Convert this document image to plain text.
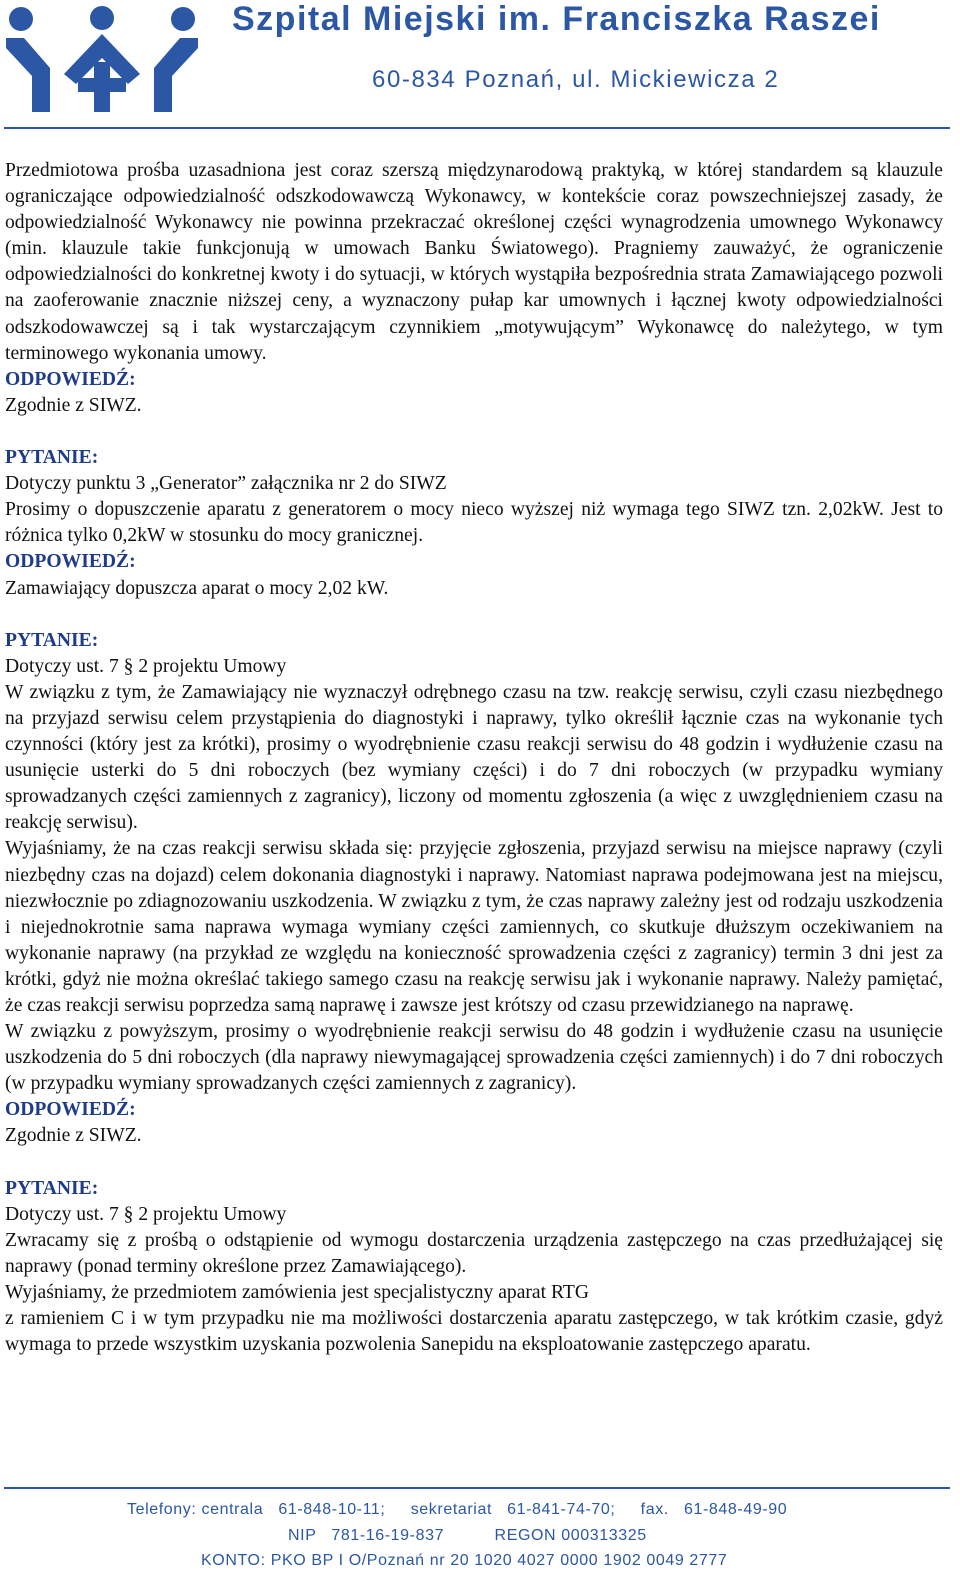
Szpital Miejski im. Franciszka Raszei
60-834 Poznań, ul. Mickiewicza 2

Przedmiotowa prośba uzasadniona jest coraz szerszą międzynarodową praktyką, w której standardem są klauzule ograniczające odpowiedzialność odszkodowawczą Wykonawcy, w kontekście coraz powszechniejszej zasady, że odpowiedzialność Wykonawcy nie powinna przekraczać określonej części wynagrodzenia umownego Wykonawcy (min. klauzule takie funkcjonują w umowach Banku Światowego). Pragniemy zauważyć, że ograniczenie odpowiedzialności do konkretnej kwoty i do sytuacji, w których wystąpiła bezpośrednia strata Zamawiającego pozwoli na zaoferowanie znacznie niższej ceny, a wyznaczony pułap kar umownych i łącznej kwoty odpowiedzialności odszkodowawczej są i tak wystarczającym czynnikiem „motywującym” Wykonawcę do należytego, w tym terminowego wykonania umowy.

ODPOWIEDŹ:

Zgodnie z SIWZ.

PYTANIE:

Dotyczy punktu 3 „Generator” załącznika nr 2 do SIWZ

Prosimy o dopuszczenie aparatu z generatorem o mocy nieco wyższej niż wymaga tego SIWZ tzn. 2,02kW. Jest to różnica tylko 0,2kW w stosunku do mocy granicznej.

ODPOWIEDŹ:

Zamawiający dopuszcza aparat o mocy 2,02 kW.

PYTANIE:

Dotyczy ust. 7 § 2 projektu Umowy

W związku z tym, że Zamawiający nie wyznaczył odrębnego czasu na tzw. reakcję serwisu, czyli czasu niezbędnego na przyjazd serwisu celem przystąpienia do diagnostyki i naprawy, tylko określił łącznie czas na wykonanie tych czynności (który jest za krótki), prosimy o wyodrębnienie czasu reakcji serwisu do 48 godzin i wydłużenie czasu na usunięcie usterki do 5 dni roboczych (bez wymiany części) i do 7 dni roboczych (w przypadku wymiany sprowadzanych części zamiennych z zagranicy), liczony od momentu zgłoszenia (a więc z uwzględnieniem czasu na reakcję serwisu).

Wyjaśniamy, że na czas reakcji serwisu składa się: przyjęcie zgłoszenia, przyjazd serwisu na miejsce naprawy (czyli niezbędny czas na dojazd) celem dokonania diagnostyki i naprawy. Natomiast naprawa podejmowana jest na miejscu, niezwłocznie po zdiagnozowaniu uszkodzenia. W związku z tym, że czas naprawy zależny jest od rodzaju uszkodzenia i niejednokrotnie sama naprawa wymaga wymiany części zamiennych, co skutkuje dłuższym oczekiwaniem na wykonanie naprawy (na przykład ze względu na konieczność sprowadzenia części z zagranicy) termin 3 dni jest za krótki, gdyż nie można określać takiego samego czasu na reakcję serwisu jak i wykonanie naprawy. Należy pamiętać, że czas reakcji serwisu poprzedza samą naprawę i zawsze jest krótszy od czasu przewidzianego na naprawę.

W związku z powyższym, prosimy o wyodrębnienie reakcji serwisu do 48 godzin i wydłużenie czasu na usunięcie uszkodzenia do 5 dni roboczych (dla naprawy niewymagającej sprowadzenia części zamiennych) i do 7 dni roboczych (w przypadku wymiany sprowadzanych części zamiennych z zagranicy).

ODPOWIEDŹ:

Zgodnie z SIWZ.

PYTANIE:

Dotyczy ust. 7 § 2 projektu Umowy

Zwracamy się z prośbą o odstąpienie od wymogu dostarczenia urządzenia zastępczego na czas przedłużającej się naprawy (ponad terminy określone przez Zamawiającego).

Wyjaśniamy, że przedmiotem zamówienia jest specjalistyczny aparat RTG

z ramieniem C i w tym przypadku nie ma możliwości dostarczenia aparatu zastępczego, w tak krótkim czasie, gdyż wymaga to przede wszystkim uzyskania pozwolenia Sanepidu na eksploatowanie zastępczego aparatu.

Telefony: centrala   61-848-10-11;     sekretariat   61-841-74-70;     fax.   61-848-49-90
NIP   781-16-19-837          REGON 000313325
KONTO: PKO BP I O/Poznań nr 20 1020 4027 0000 1902 0049 2777
